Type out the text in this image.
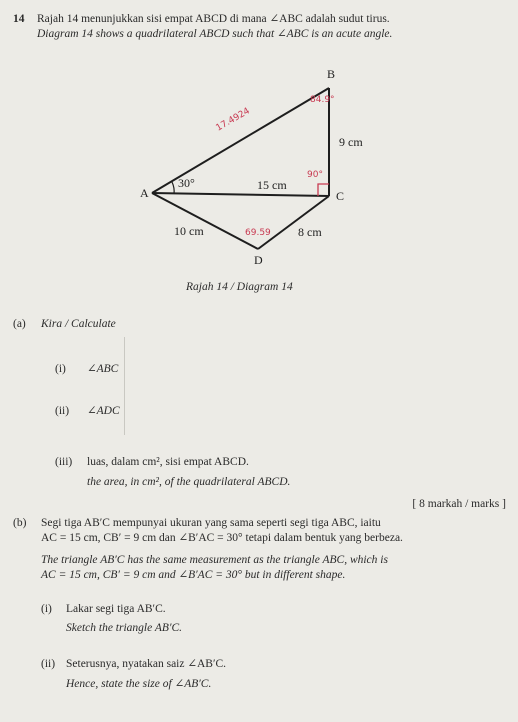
14 Rajah 14 menunjukkan sisi empat ABCD di mana ∠ABC adalah sudut tirus.
Diagram 14 shows a quadrilateral ABCD such that ∠ABC is an acute angle.
A
B
C
D
30°
9 cm
15 cm
10 cm	8 cm
17.4924
84.9°
90°
69.59
Rajah 14 / Diagram 14
(a) Kira / Calculate
(i) ∠ABC
(ii) ∠ADC
(iii) luas, dalam cm², sisi empat ABCD.
the area, in cm², of the quadrilateral ABCD.
[ 8 markah / marks ]
(b) Segi tiga AB′C mempunyai ukuran yang sama seperti segi tiga ABC, iaitu
AC = 15 cm, CB′ = 9 cm dan ∠B′AC = 30° tetapi dalam bentuk yang berbeza.
The triangle AB′C has the same measurement as the triangle ABC, which is
AC = 15 cm, CB′ = 9 cm and ∠B′AC = 30° but in different shape.
(i) Lakar segi tiga AB′C.
Sketch the triangle AB′C.
(ii) Seterusnya, nyatakan saiz ∠AB′C.
Hence, state the size of ∠AB′C.
